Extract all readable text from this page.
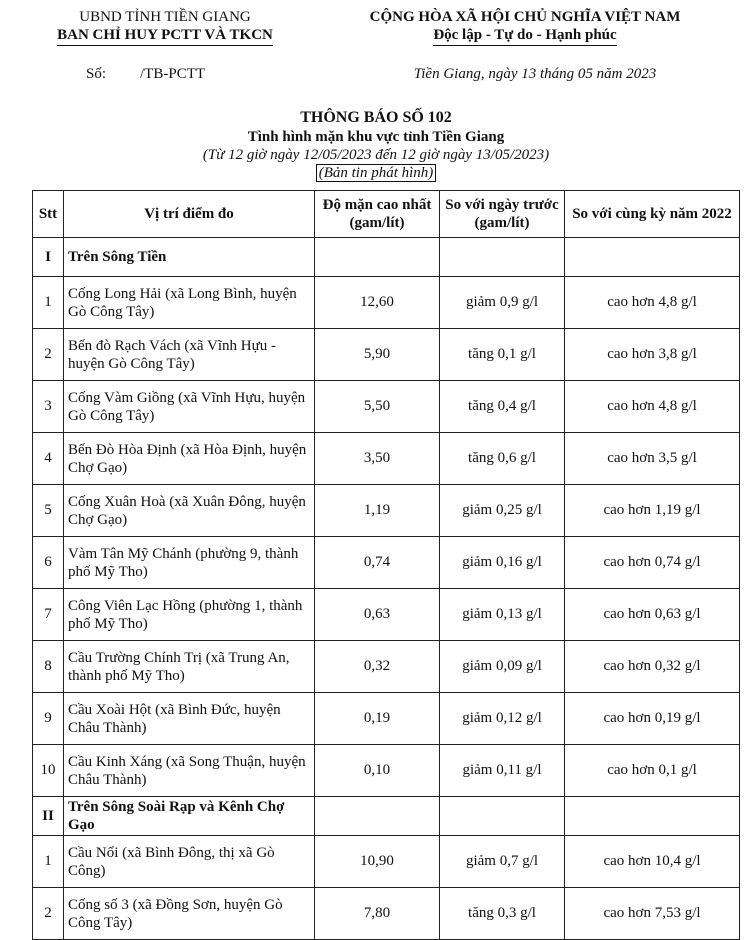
UBND TỈNH TIỀN GIANG
BAN CHỈ HUY PCTT VÀ TKCN
CỘNG HÒA XÃ HỘI CHỦ NGHĨA VIỆT NAM
Độc lập - Tự do - Hạnh phúc
Số: /TB-PCTT	Tiền Giang, ngày 13 tháng 05 năm 2023
THÔNG BÁO SỐ 102
Tình hình mặn khu vực tỉnh Tiền Giang
(Từ 12 giờ ngày 12/05/2023 đến 12 giờ ngày 13/05/2023)
(Bản tin phát hình)
Stt	Vị trí điểm đo	Độ mặn cao nhất (gam/lít)	So với ngày trước (gam/lít)	So với cùng kỳ năm 2022
I	Trên Sông Tiền			
1	Cống Long Hải (xã Long Bình, huyện Gò Công Tây)	12,60	giảm 0,9 g/l	cao hơn 4,8 g/l
2	Bến đò Rạch Vách (xã Vĩnh Hựu - huyện Gò Công Tây)	5,90	tăng 0,1 g/l	cao hơn 3,8 g/l
3	Cống Vàm Giồng (xã Vĩnh Hựu, huyện Gò Công Tây)	5,50	tăng 0,4 g/l	cao hơn 4,8 g/l
4	Bến Đò Hòa Định (xã Hòa Định, huyện Chợ Gạo)	3,50	tăng 0,6 g/l	cao hơn 3,5 g/l
5	Cống Xuân Hoà (xã Xuân Đông, huyện Chợ Gạo)	1,19	giảm 0,25 g/l	cao hơn 1,19 g/l
6	Vàm Tân Mỹ Chánh (phường 9, thành phố Mỹ Tho)	0,74	giảm 0,16 g/l	cao hơn 0,74 g/l
7	Công Viên Lạc Hồng (phường 1, thành phố Mỹ Tho)	0,63	giảm 0,13 g/l	cao hơn 0,63 g/l
8	Cầu Trường Chính Trị (xã Trung An, thành phố Mỹ Tho)	0,32	giảm 0,09 g/l	cao hơn 0,32 g/l
9	Cầu Xoài Hột (xã Bình Đức, huyện Châu Thành)	0,19	giảm 0,12 g/l	cao hơn 0,19 g/l
10	Cầu Kinh Xáng (xã Song Thuận, huyện Châu Thành)	0,10	giảm 0,11 g/l	cao hơn 0,1 g/l
II	Trên Sông Soài Rạp và Kênh Chợ Gạo			
1	Cầu Nổi (xã Bình Đông, thị xã Gò Công)	10,90	giảm 0,7 g/l	cao hơn 10,4 g/l
2	Cống số 3 (xã Đồng Sơn, huyện Gò Công Tây)	7,80	tăng 0,3 g/l	cao hơn 7,53 g/l
